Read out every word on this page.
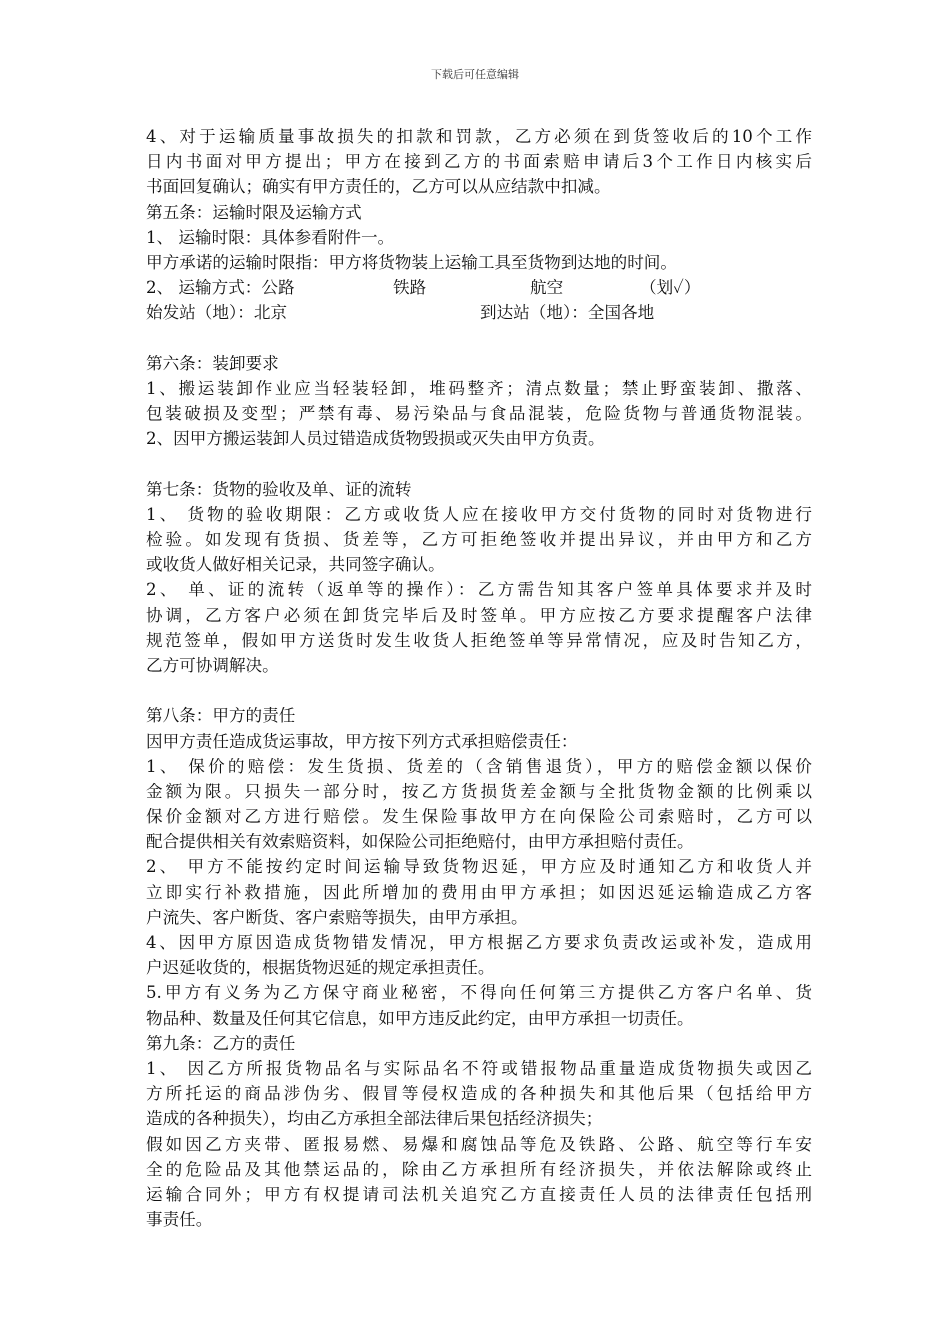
下载后可任意编辑
4、对于运输质量事故损失的扣款和罚款，乙方必须在到货签收后的10个工作
日内书面对甲方提出；甲方在接到乙方的书面索赔申请后3个工作日内核实后
书面回复确认；确实有甲方责任的，乙方可以从应结款中扣减。
第五条：运输时限及运输方式
1、 运输时限：具体参看附件一。
甲方承诺的运输时限指：甲方将货物装上运输工具至货物到达地的时间。
2、 运输方式：公路	铁路	航空	（划✓）
始发站（地）：北京	到达站（地）：全国各地
第六条：装卸要求
1、搬运装卸作业应当轻装轻卸，堆码整齐；清点数量；禁止野蛮装卸、撒落、
包装破损及变型；严禁有毒、易污染品与食品混装，危险货物与普通货物混装。
2、因甲方搬运装卸人员过错造成货物毁损或灭失由甲方负责。
第七条：货物的验收及单、证的流转
1、 货物的验收期限：乙方或收货人应在接收甲方交付货物的同时对货物进行
检验。如发现有货损、货差等，乙方可拒绝签收并提出异议，并由甲方和乙方
或收货人做好相关记录，共同签字确认。
2、 单、证的流转（返单等的操作）：乙方需告知其客户签单具体要求并及时
协调，乙方客户必须在卸货完毕后及时签单。甲方应按乙方要求提醒客户法律
规范签单，假如甲方送货时发生收货人拒绝签单等异常情况，应及时告知乙方，
乙方可协调解决。
第八条：甲方的责任
因甲方责任造成货运事故，甲方按下列方式承担赔偿责任：
1、 保价的赔偿：发生货损、货差的（含销售退货），甲方的赔偿金额以保价
金额为限。只损失一部分时，按乙方货损货差金额与全批货物金额的比例乘以
保价金额对乙方进行赔偿。发生保险事故甲方在向保险公司索赔时，乙方可以
配合提供相关有效索赔资料，如保险公司拒绝赔付，由甲方承担赔付责任。
2、 甲方不能按约定时间运输导致货物迟延，甲方应及时通知乙方和收货人并
立即实行补救措施，因此所增加的费用由甲方承担；如因迟延运输造成乙方客
户流失、客户断货、客户索赔等损失，由甲方承担。
4、因甲方原因造成货物错发情况，甲方根据乙方要求负责改运或补发，造成用
户迟延收货的，根据货物迟延的规定承担责任。
5.甲方有义务为乙方保守商业秘密，不得向任何第三方提供乙方客户名单、货
物品种、数量及任何其它信息，如甲方违反此约定，由甲方承担一切责任。
第九条：乙方的责任
1、 因乙方所报货物品名与实际品名不符或错报物品重量造成货物损失或因乙
方所托运的商品涉伪劣、假冒等侵权造成的各种损失和其他后果（包括给甲方
造成的各种损失），均由乙方承担全部法律后果包括经济损失；
假如因乙方夹带、匿报易燃、易爆和腐蚀品等危及铁路、公路、航空等行车安
全的危险品及其他禁运品的，除由乙方承担所有经济损失，并依法解除或终止
运输合同外；甲方有权提请司法机关追究乙方直接责任人员的法律责任包括刑
事责任。
